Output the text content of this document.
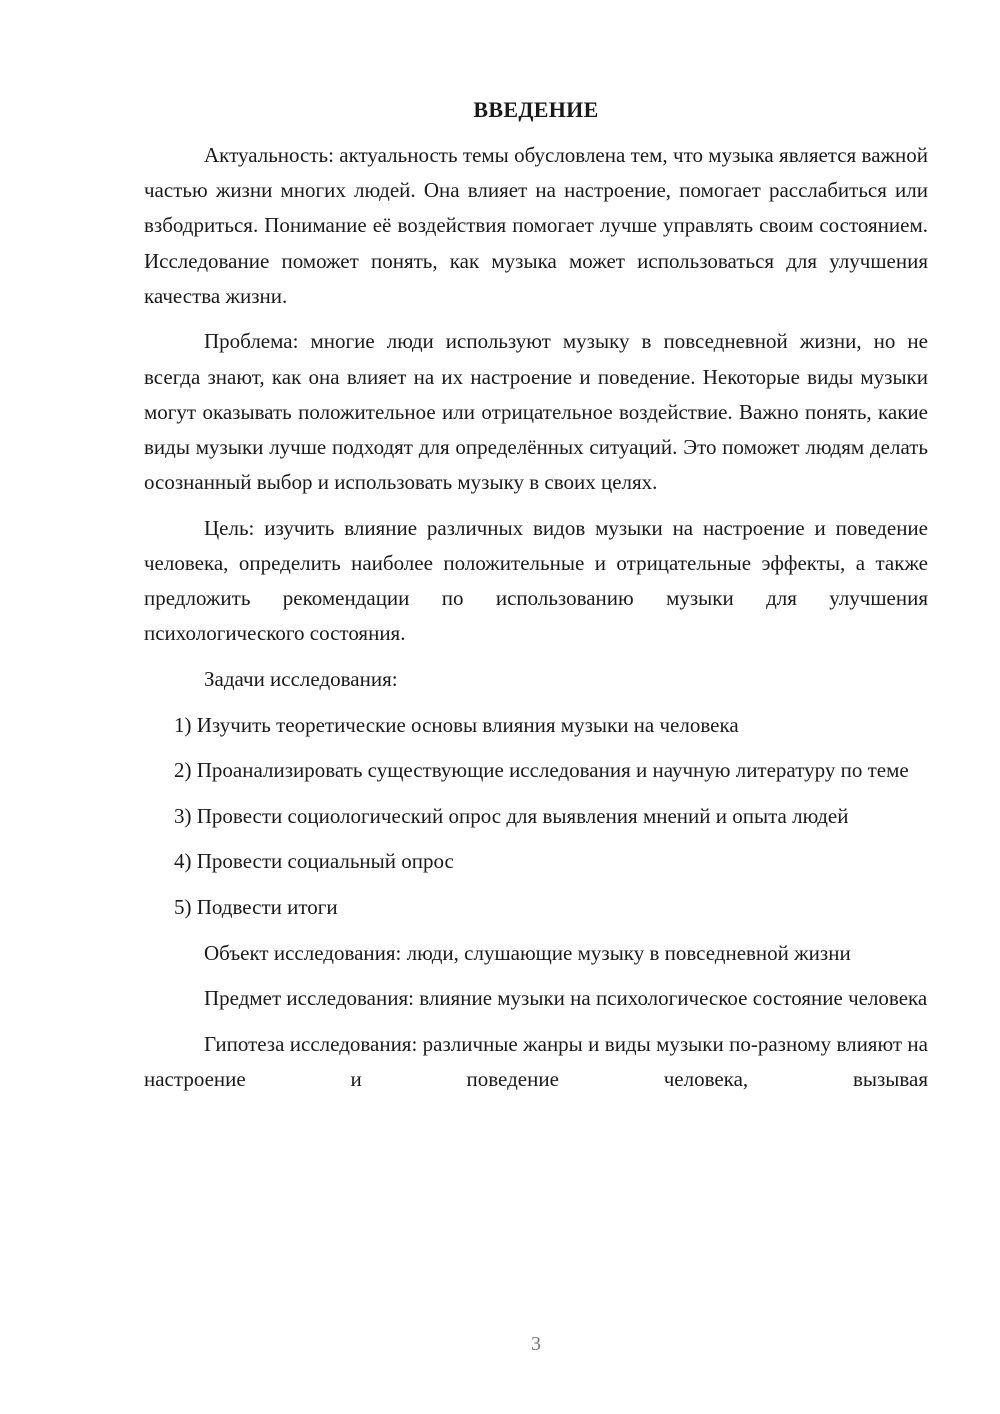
ВВЕДЕНИЕ

Актуальность: актуальность темы обусловлена тем, что музыка является важной частью жизни многих людей. Она влияет на настроение, помогает расслабиться или взбодриться. Понимание её воздействия помогает лучше управлять своим состоянием. Исследование поможет понять, как музыка может использоваться для улучшения качества жизни.

Проблема: многие люди используют музыку в повседневной жизни, но не всегда знают, как она влияет на их настроение и поведение. Некоторые виды музыки могут оказывать положительное или отрицательное воздействие. Важно понять, какие виды музыки лучше подходят для определённых ситуаций. Это поможет людям делать осознанный выбор и использовать музыку в своих целях.

Цель: изучить влияние различных видов музыки на настроение и поведение человека, определить наиболее положительные и отрицательные эффекты, а также предложить рекомендации по использованию музыки для улучшения психологического состояния.

Задачи исследования:

1) Изучить теоретические основы влияния музыки на человека

2) Проанализировать существующие исследования и научную литературу по теме

3) Провести социологический опрос для выявления мнений и опыта людей

4) Провести социальный опрос

5) Подвести итоги

Объект исследования: люди, слушающие музыку в повседневной жизни

Предмет исследования: влияние музыки на психологическое состояние человека

Гипотеза исследования: различные жанры и виды музыки по-разному влияют на настроение и поведение человека, вызывая

3
